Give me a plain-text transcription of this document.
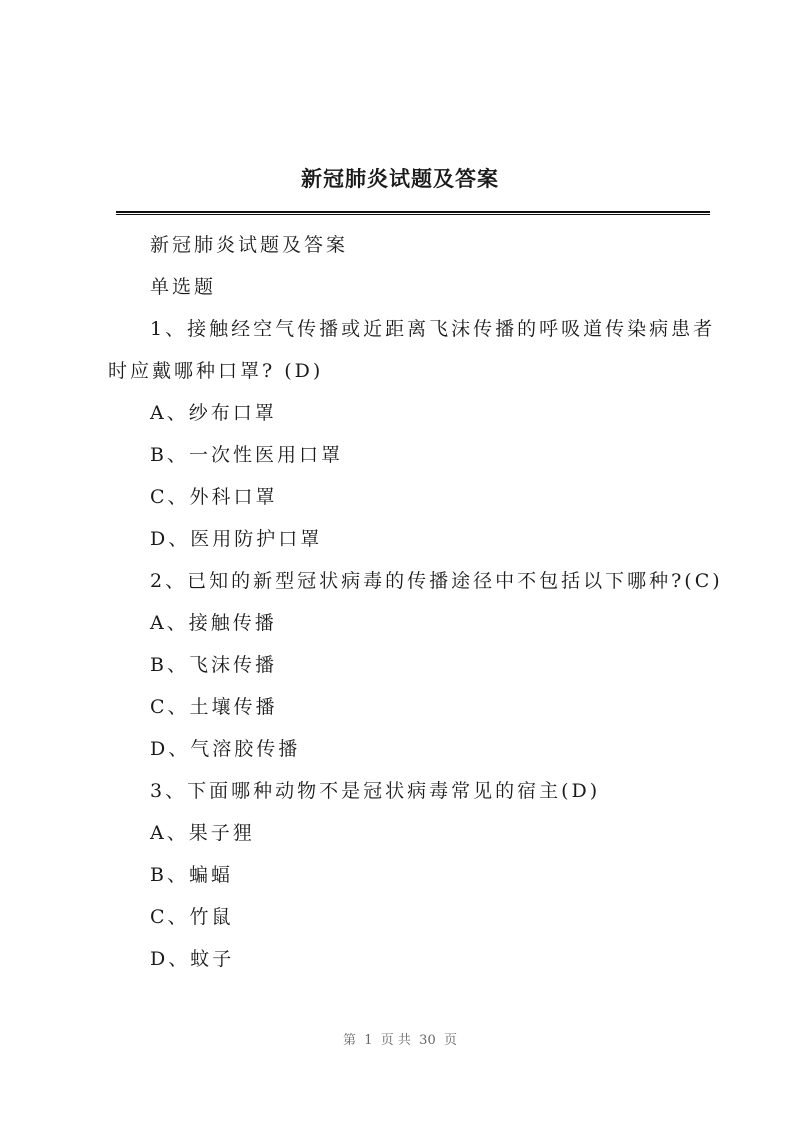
新冠肺炎试题及答案
新冠肺炎试题及答案
单选题
1、接触经空气传播或近距离飞沫传播的呼吸道传染病患者
时应戴哪种口罩? (D)
A、纱布口罩
B、一次性医用口罩
C、外科口罩
D、医用防护口罩
2、已知的新型冠状病毒的传播途径中不包括以下哪种?(C)
A、接触传播
B、飞沫传播
C、土壤传播
D、气溶胶传播
3、下面哪种动物不是冠状病毒常见的宿主(D)
A、果子狸
B、蝙蝠
C、竹鼠
D、蚊子
第  1  页 共  30  页
